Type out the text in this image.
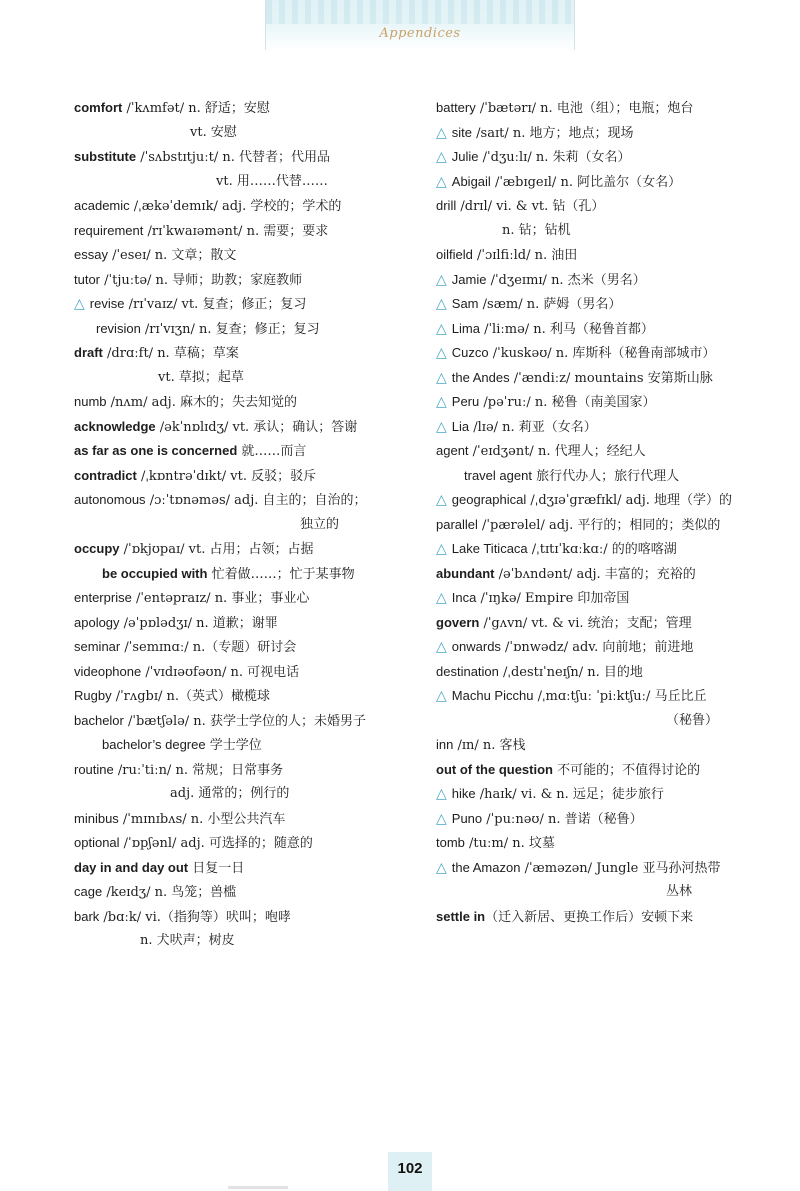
Appendices
comfort /ˈkʌmfət/ n. 舒适；安慰
vt. 安慰
substitute /ˈsʌbstɪtjuːt/ n. 代替者；代用品
vt. 用……代替……
academic /ˌækəˈdemɪk/ adj. 学校的；学术的
requirement /rɪˈkwaɪəmənt/ n. 需要；要求
essay /ˈeseɪ/ n. 文章；散文
tutor /ˈtjuːtə/ n. 导师；助教；家庭教师
△ revise /rɪˈvaɪz/ vt. 复查；修正；复习
revision /rɪˈvɪʒn/ n. 复查；修正；复习
draft /drɑːft/ n. 草稿；草案
vt. 草拟；起草
numb /nʌm/ adj. 麻木的；失去知觉的
acknowledge /əkˈnɒlɪdʒ/ vt. 承认；确认；答谢
as far as one is concerned 就……而言
contradict /ˌkɒntrəˈdɪkt/ vt. 反驳；驳斥
autonomous /ɔːˈtɒnəməs/ adj. 自主的；自治的；
独立的
occupy /ˈɒkjʊpaɪ/ vt. 占用；占领；占据
be occupied with 忙着做……；忙于某事物
enterprise /ˈentəpraɪz/ n. 事业；事业心
apology /əˈpɒlədʒɪ/ n. 道歉；谢罪
seminar /ˈsemɪnɑː/ n.（专题）研讨会
videophone /ˈvɪdɪəʊfəʊn/ n. 可视电话
Rugby /ˈrʌgbɪ/ n.（英式）橄榄球
bachelor /ˈbætʃələ/ n. 获学士学位的人；未婚男子
bachelor’s degree 学士学位
routine /ruːˈtiːn/ n. 常规；日常事务
adj. 通常的；例行的
minibus /ˈmɪnɪbʌs/ n. 小型公共汽车
optional /ˈɒpʃənl/ adj. 可选择的；随意的
day in and day out 日复一日
cage /keɪdʒ/ n. 鸟笼；兽槛
bark /bɑːk/ vi.（指狗等）吠叫；咆哮
n. 犬吠声；树皮
battery /ˈbætərɪ/ n. 电池（组）；电瓶；炮台
△ site /saɪt/ n. 地方；地点；现场
△ Julie /ˈdʒuːlɪ/ n. 朱莉（女名）
△ Abigail /ˈæbɪgeɪl/ n. 阿比盖尔（女名）
drill /drɪl/ vi. & vt. 钻（孔）
n. 钻；钻机
oilfield /ˈɔɪlfiːld/ n. 油田
△ Jamie /ˈdʒeɪmɪ/ n. 杰米（男名）
△ Sam /sæm/ n. 萨姆（男名）
△ Lima /ˈliːmə/ n. 利马（秘鲁首都）
△ Cuzco /ˈkuskəʊ/ n. 库斯科（秘鲁南部城市）
△ the Andes /ˈændiːz/ mountains 安第斯山脉
△ Peru /pəˈruː/ n. 秘鲁（南美国家）
△ Lia /lɪə/ n. 莉亚（女名）
agent /ˈeɪdʒənt/ n. 代理人；经纪人
travel agent 旅行代办人；旅行代理人
△ geographical /ˌdʒɪəˈgræfɪkl/ adj. 地理（学）的
parallel /ˈpærəlel/ adj. 平行的；相同的；类似的
△ Lake Titicaca /ˌtɪtɪˈkɑːkɑː/ 的的喀喀湖
abundant /əˈbʌndənt/ adj. 丰富的；充裕的
△ Inca /ˈɪŋkə/ Empire 印加帝国
govern /ˈgʌvn/ vt. & vi. 统治；支配；管理
△ onwards /ˈɒnwədz/ adv. 向前地；前进地
destination /ˌdestɪˈneɪʃn/ n. 目的地
△ Machu Picchu /ˌmɑːtʃuː ˈpiːktʃuː/ 马丘比丘
（秘鲁）
inn /ɪn/ n. 客栈
out of the question 不可能的；不值得讨论的
△ hike /haɪk/ vi. & n. 远足；徒步旅行
△ Puno /ˈpuːnəʊ/ n. 普诺（秘鲁）
tomb /tuːm/ n. 坟墓
△ the Amazon /ˈæməzən/ Jungle 亚马孙河热带
丛林
settle in（迁入新居、更换工作后）安顿下来
102
